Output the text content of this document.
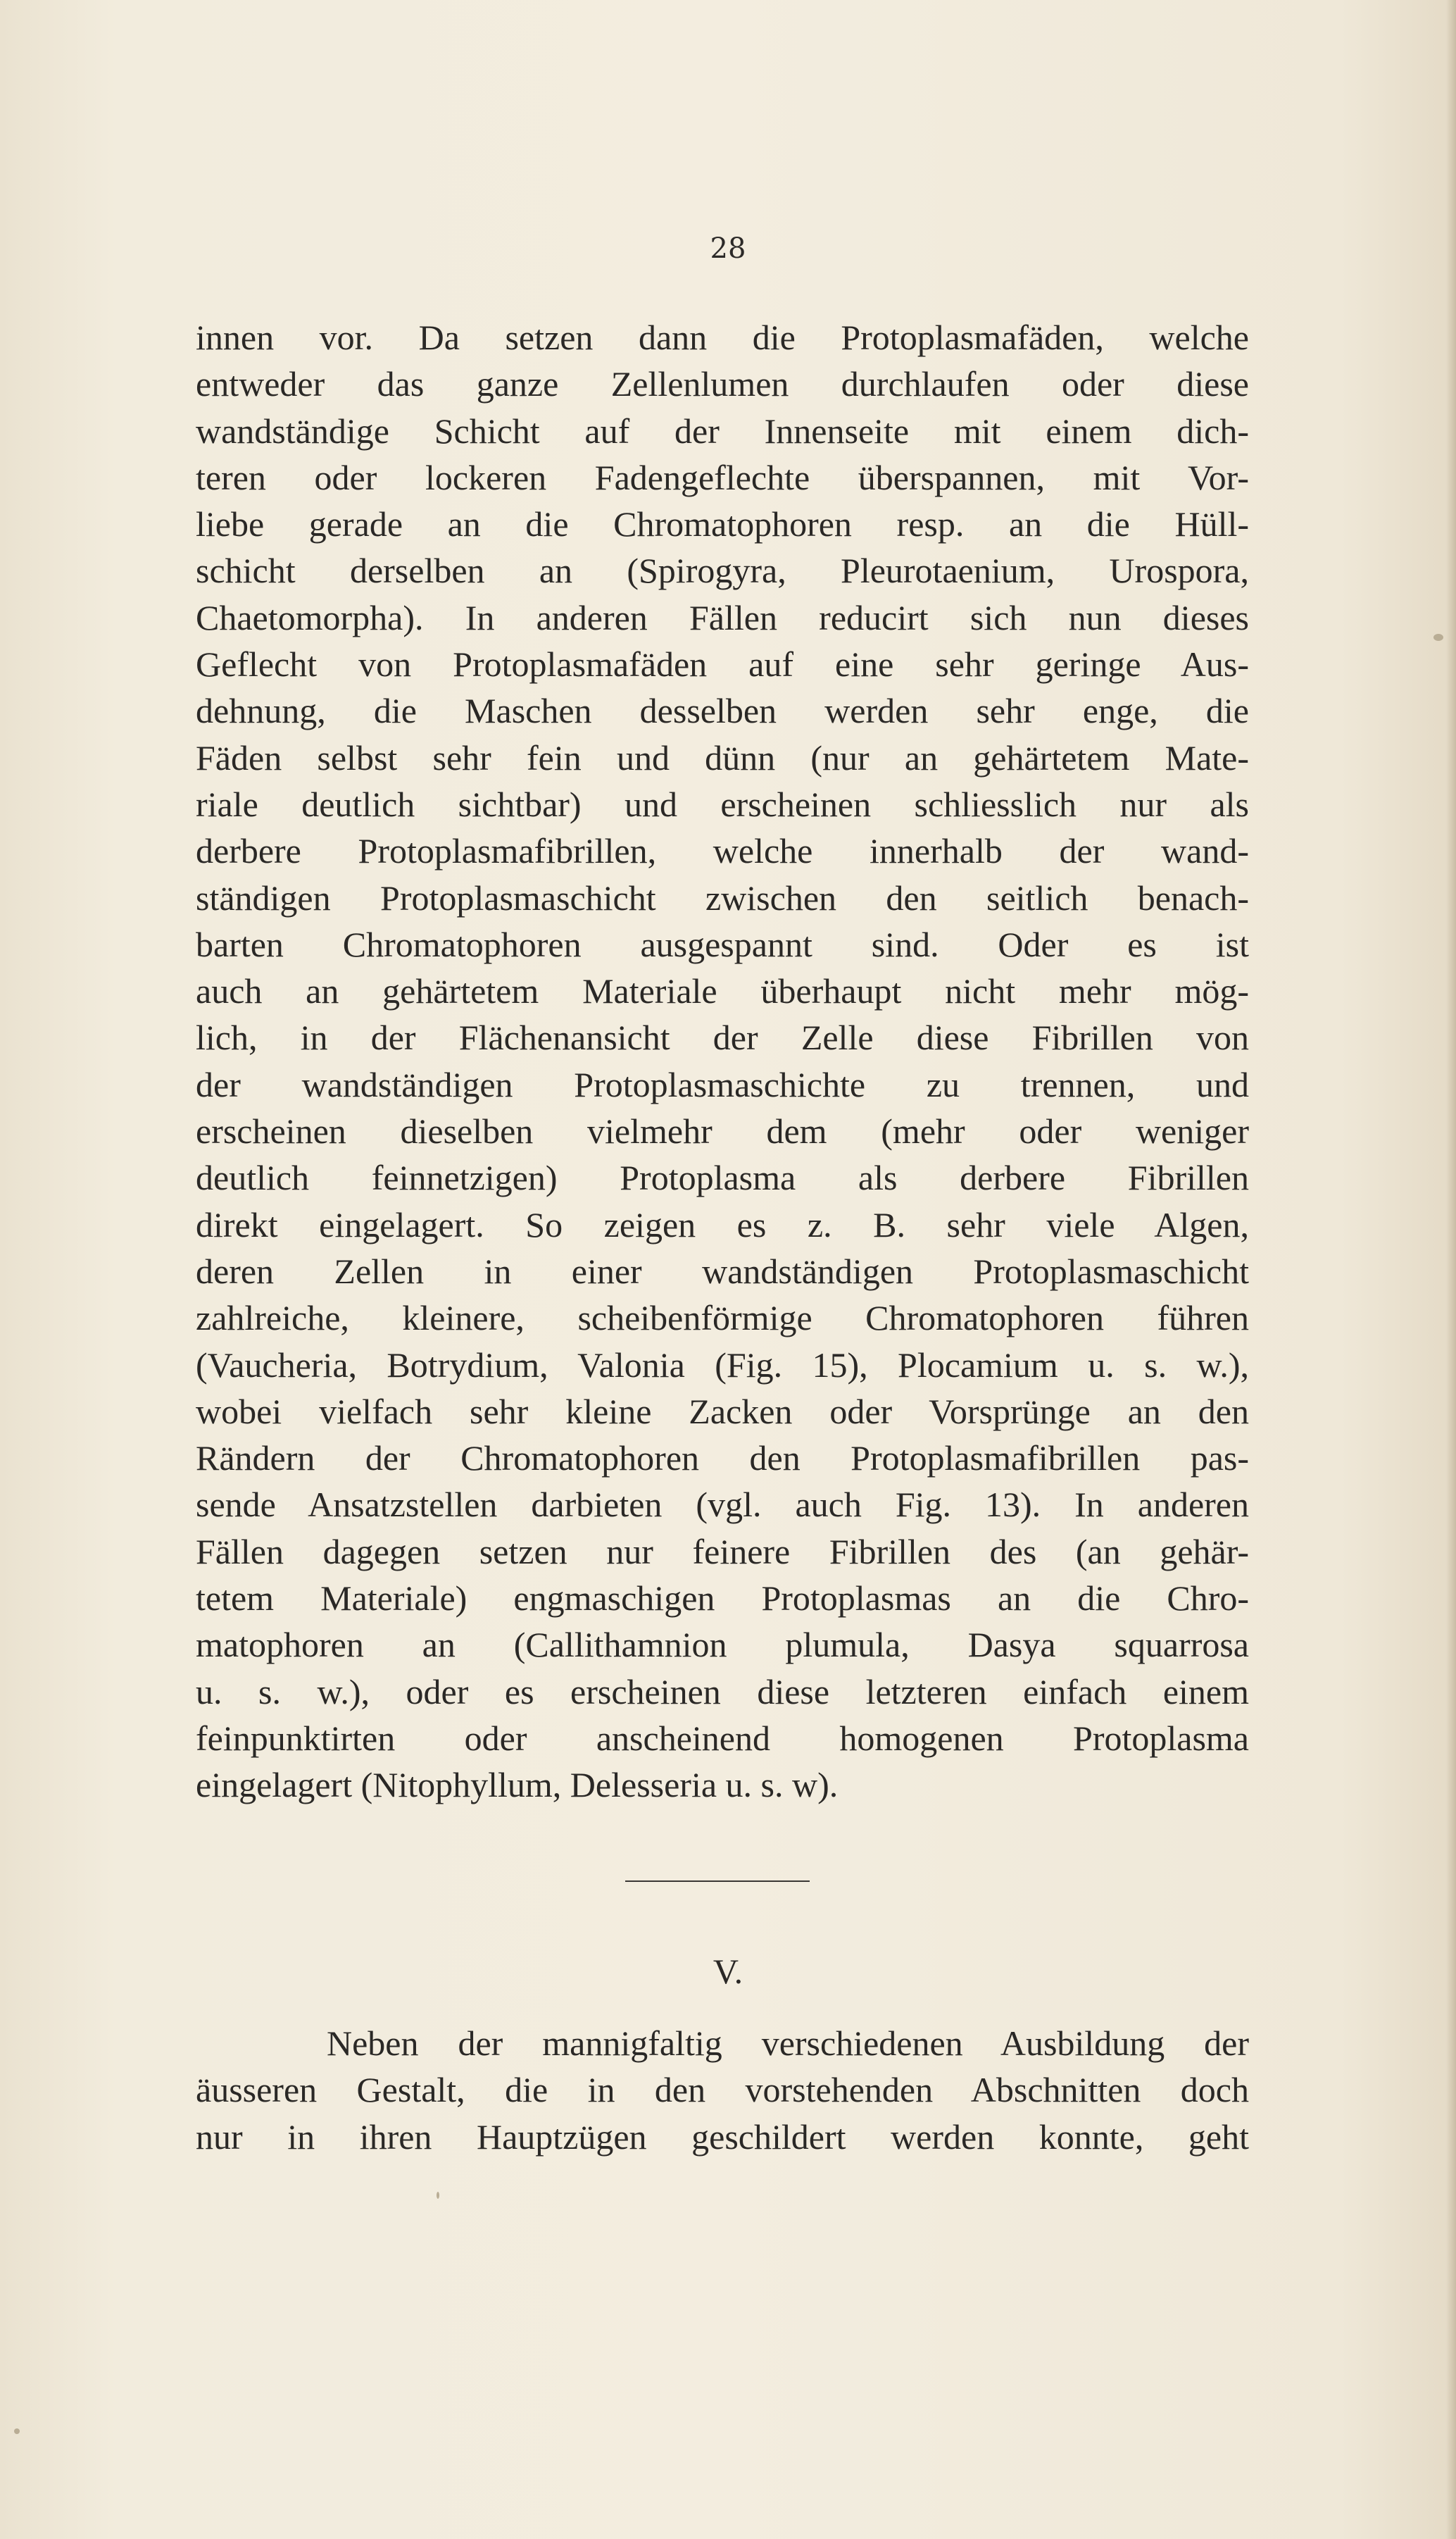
28
innen vor. Da setzen dann die Protoplasmafäden, welche
entweder das ganze Zellenlumen durchlaufen oder diese
wandständige Schicht auf der Innenseite mit einem dich-
teren oder lockeren Fadengeflechte überspannen, mit Vor-
liebe gerade an die Chromatophoren resp. an die Hüll-
schicht derselben an (Spirogyra, Pleurotaenium, Urospora,
Chaetomorpha). In anderen Fällen reducirt sich nun dieses
Geflecht von Protoplasmafäden auf eine sehr geringe Aus-
dehnung, die Maschen desselben werden sehr enge, die
Fäden selbst sehr fein und dünn (nur an gehärtetem Mate-
riale deutlich sichtbar) und erscheinen schliesslich nur als
derbere Protoplasmafibrillen, welche innerhalb der wand-
ständigen Protoplasmaschicht zwischen den seitlich benach-
barten Chromatophoren ausgespannt sind. Oder es ist
auch an gehärtetem Materiale überhaupt nicht mehr mög-
lich, in der Flächenansicht der Zelle diese Fibrillen von
der wandständigen Protoplasmaschichte zu trennen, und
erscheinen dieselben vielmehr dem (mehr oder weniger
deutlich feinnetzigen) Protoplasma als derbere Fibrillen
direkt eingelagert. So zeigen es z. B. sehr viele Algen,
deren Zellen in einer wandständigen Protoplasmaschicht
zahlreiche, kleinere, scheibenförmige Chromatophoren führen
(Vaucheria, Botrydium, Valonia (Fig. 15), Plocamium u. s. w.),
wobei vielfach sehr kleine Zacken oder Vorsprünge an den
Rändern der Chromatophoren den Protoplasmafibrillen pas-
sende Ansatzstellen darbieten (vgl. auch Fig. 13). In anderen
Fällen dagegen setzen nur feinere Fibrillen des (an gehär-
tetem Materiale) engmaschigen Protoplasmas an die Chro-
matophoren an (Callithamnion plumula, Dasya squarrosa
u. s. w.), oder es erscheinen diese letzteren einfach einem
feinpunktirten oder anscheinend homogenen Protoplasma
eingelagert (Nitophyllum, Delesseria u. s. w).
V.
Neben der mannigfaltig verschiedenen Ausbildung der
äusseren Gestalt, die in den vorstehenden Abschnitten doch
nur in ihren Hauptzügen geschildert werden konnte, geht
